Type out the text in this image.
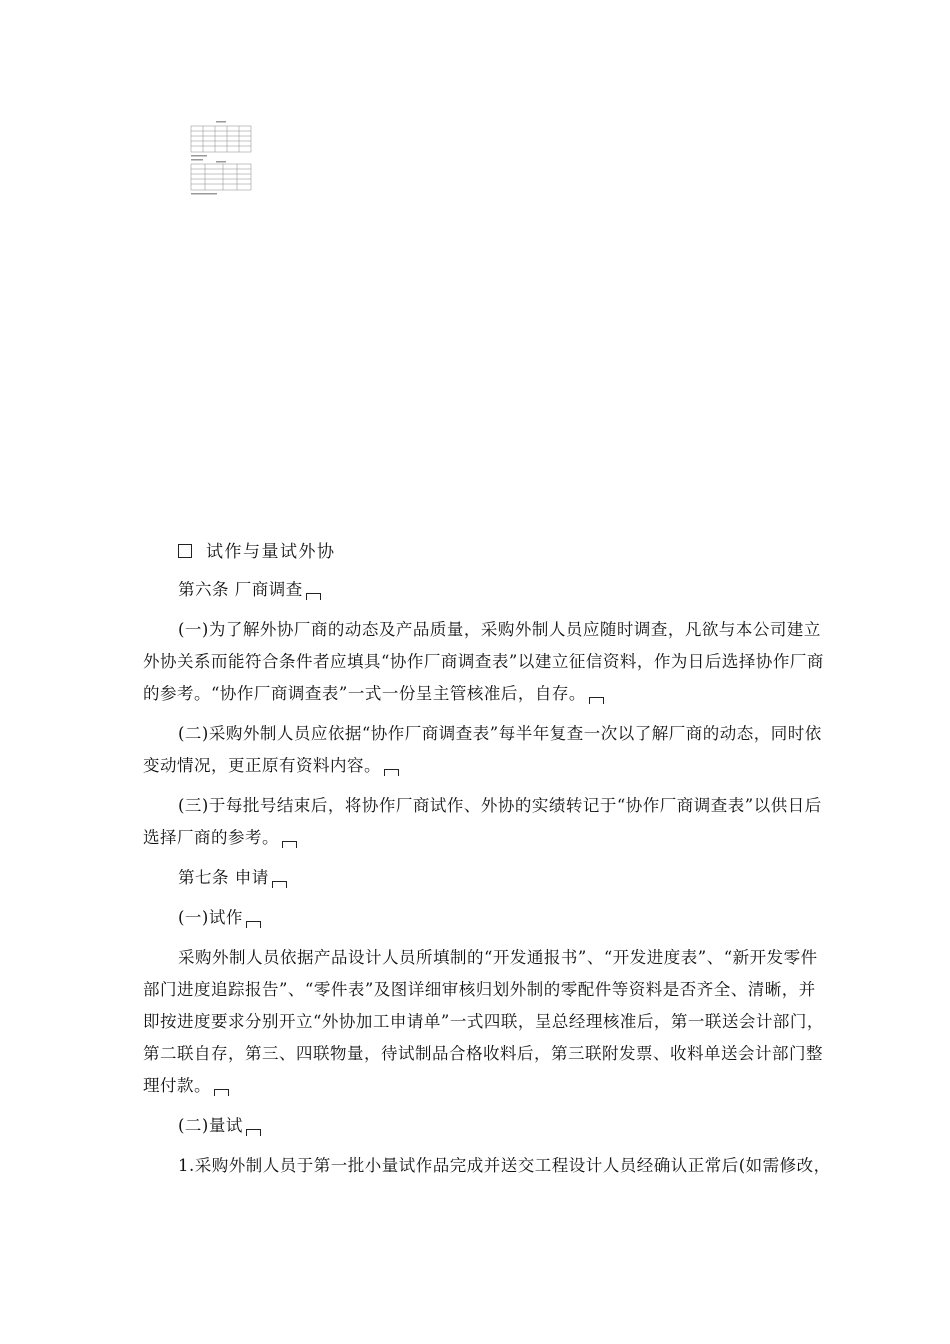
试作与量试外协

第六条 厂商调查

(一)为了解外协厂商的动态及产品质量，采购外制人员应随时调查，凡欲与本公司建立外协关系而能符合条件者应填具“协作厂商调查表”以建立征信资料，作为日后选择协作厂商的参考。“协作厂商调查表”一式一份呈主管核准后，自存。

(二)采购外制人员应依据“协作厂商调查表”每半年复查一次以了解厂商的动态，同时依变动情况，更正原有资料内容。

(三)于每批号结束后，将协作厂商试作、外协的实绩转记于“协作厂商调查表”以供日后选择厂商的参考。

第七条 申请

(一)试作

采购外制人员依据产品设计人员所填制的“开发通报书”、“开发进度表”、“新开发零件部门进度追踪报告”、“零件表”及图详细审核归划外制的零配件等资料是否齐全、清晰，并即按进度要求分别开立“外协加工申请单”一式四联，呈总经理核准后，第一联送会计部门，第二联自存，第三、四联物量，待试制品合格收料后，第三联附发票、收料单送会计部门整理付款。

(二)量试

1.采购外制人员于第一批小量试作品完成并送交工程设计人员经确认正常后(如需修改，
